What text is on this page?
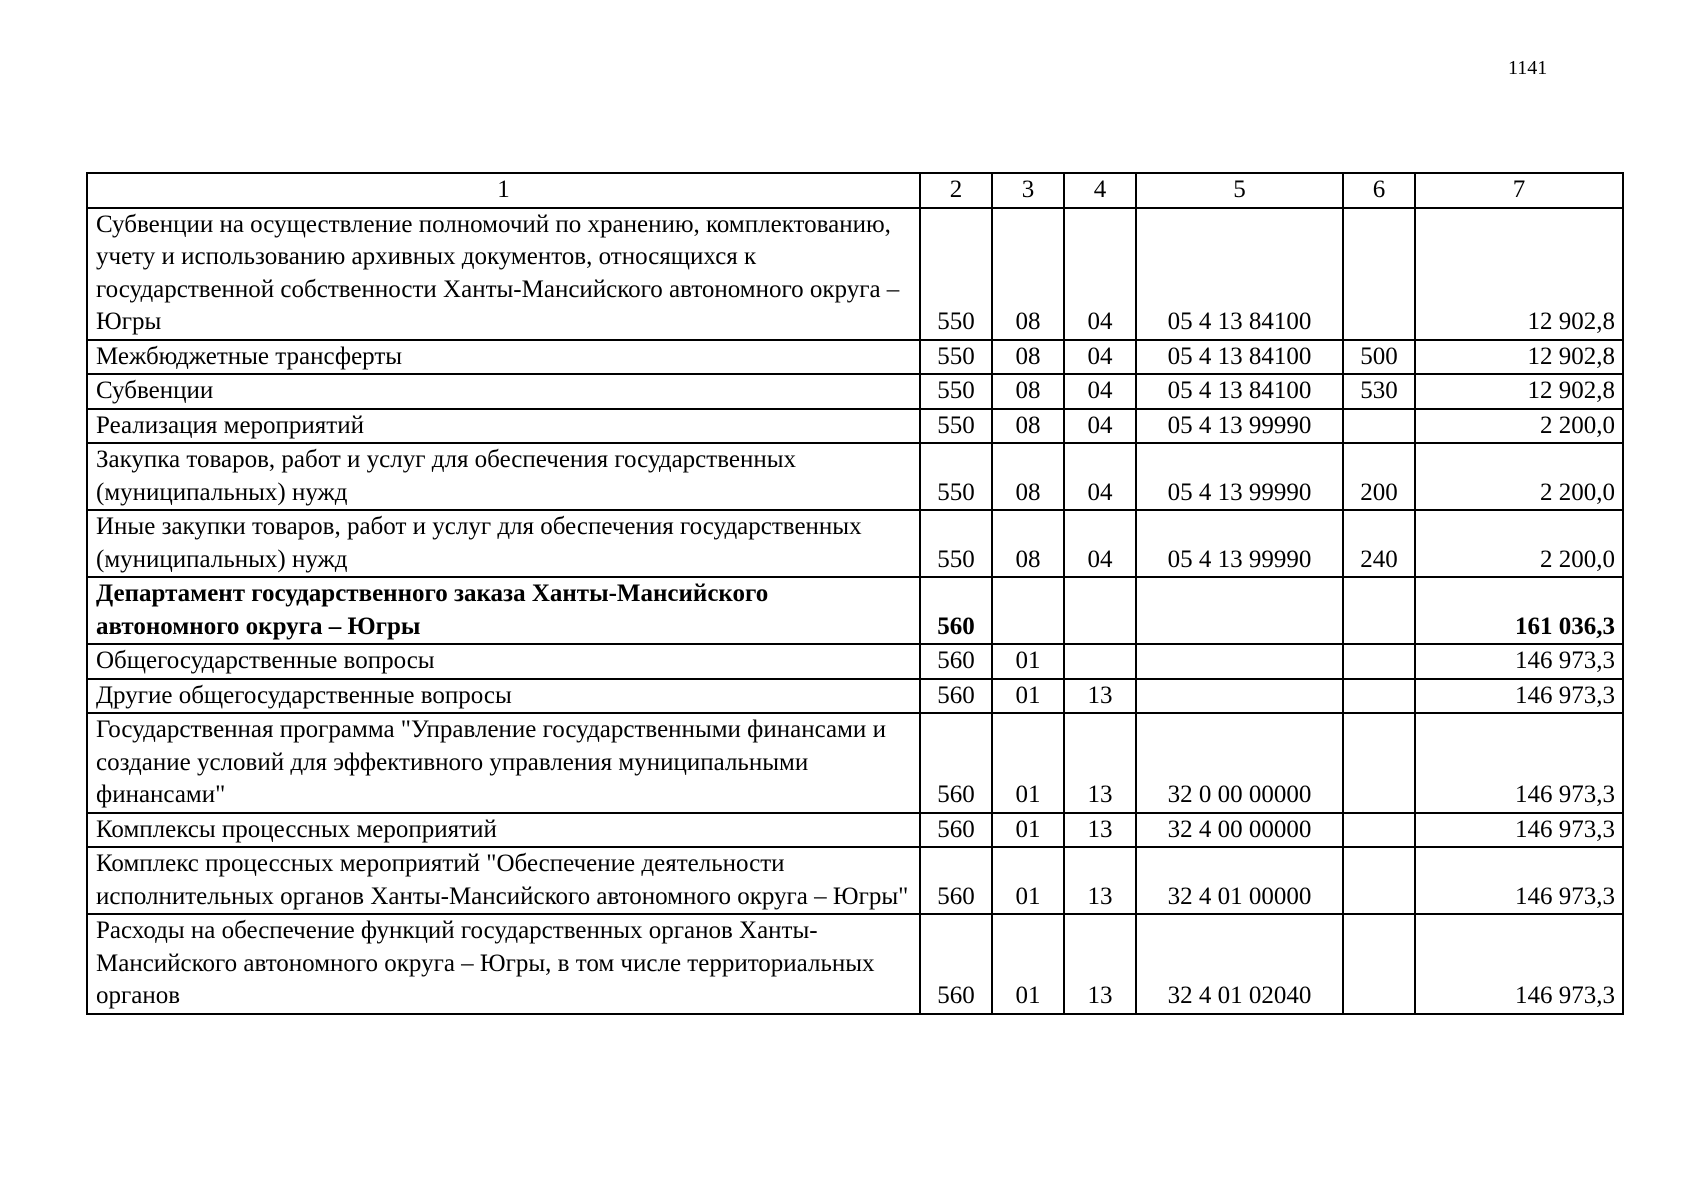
1141
1	2	3	4	5	6	7
Субвенции на осуществление полномочий по хранению, комплектованию, учету и использованию архивных документов, относящихся к государственной собственности Ханты-Мансийского автономного округа – Югры	550	08	04	05 4 13 84100		12 902,8
Межбюджетные трансферты	550	08	04	05 4 13 84100	500	12 902,8
Субвенции	550	08	04	05 4 13 84100	530	12 902,8
Реализация мероприятий	550	08	04	05 4 13 99990		2 200,0
Закупка товаров, работ и услуг для обеспечения государственных (муниципальных) нужд	550	08	04	05 4 13 99990	200	2 200,0
Иные закупки товаров, работ и услуг для обеспечения государственных (муниципальных) нужд	550	08	04	05 4 13 99990	240	2 200,0
Департамент государственного заказа Ханты-Мансийского автономного округа – Югры	560					161 036,3
Общегосударственные вопросы	560	01				146 973,3
Другие общегосударственные вопросы	560	01	13			146 973,3
Государственная программа "Управление государственными финансами и создание условий для эффективного управления муниципальными финансами"	560	01	13	32 0 00 00000		146 973,3
Комплексы процессных мероприятий	560	01	13	32 4 00 00000		146 973,3
Комплекс процессных мероприятий "Обеспечение деятельности исполнительных органов Ханты-Мансийского автономного округа – Югры"	560	01	13	32 4 01 00000		146 973,3
Расходы на обеспечение функций государственных органов Ханты-Мансийского автономного округа – Югры, в том числе территориальных органов	560	01	13	32 4 01 02040		146 973,3
